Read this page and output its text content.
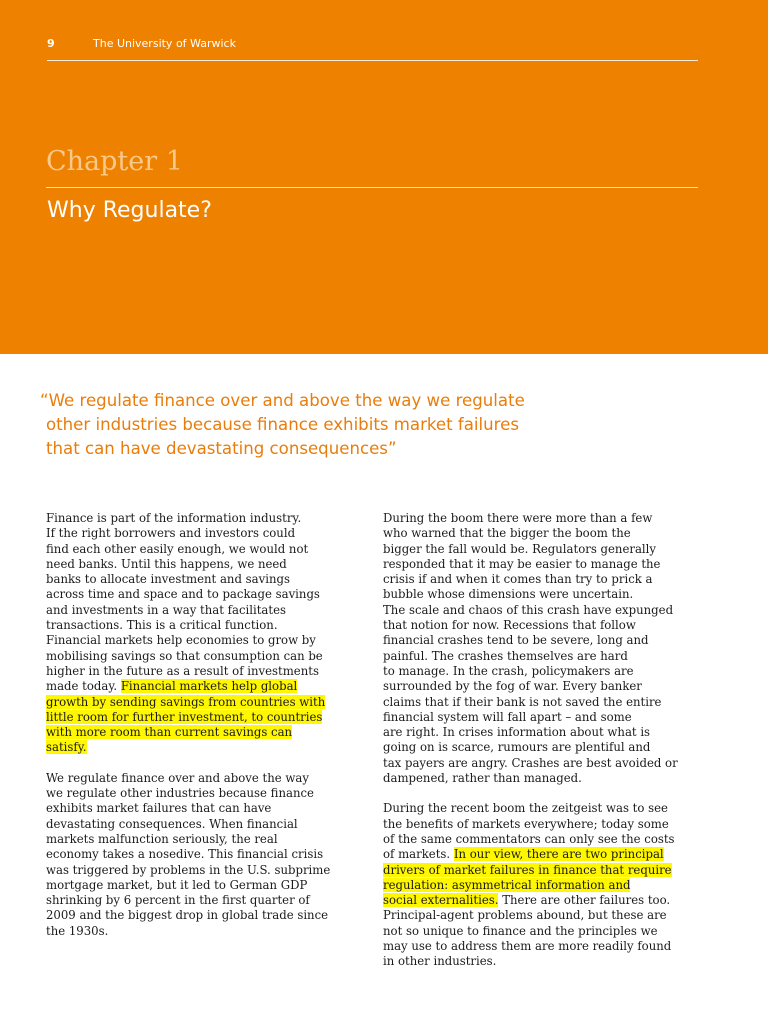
9	The University of Warwick
Chapter 1
Why Regulate?

“We regulate finance over and above the way we regulate
other industries because finance exhibits market failures
that can have devastating consequences”

Finance is part of the information industry.
If the right borrowers and investors could
find each other easily enough, we would not
need banks. Until this happens, we need
banks to allocate investment and savings
across time and space and to package savings
and investments in a way that facilitates
transactions. This is a critical function.
Financial markets help economies to grow by
mobilising savings so that consumption can be
higher in the future as a result of investments
made today. Financial markets help global
growth by sending savings from countries with
little room for further investment, to countries
with more room than current savings can
satisfy.

We regulate finance over and above the way
we regulate other industries because finance
exhibits market failures that can have
devastating consequences. When financial
markets malfunction seriously, the real
economy takes a nosedive. This financial crisis
was triggered by problems in the U.S. subprime
mortgage market, but it led to German GDP
shrinking by 6 percent in the first quarter of
2009 and the biggest drop in global trade since
the 1930s.

During the boom there were more than a few
who warned that the bigger the boom the
bigger the fall would be. Regulators generally
responded that it may be easier to manage the
crisis if and when it comes than try to prick a
bubble whose dimensions were uncertain.
The scale and chaos of this crash have expunged
that notion for now. Recessions that follow
financial crashes tend to be severe, long and
painful. The crashes themselves are hard
to manage. In the crash, policymakers are
surrounded by the fog of war. Every banker
claims that if their bank is not saved the entire
financial system will fall apart – and some
are right. In crises information about what is
going on is scarce, rumours are plentiful and
tax payers are angry. Crashes are best avoided or
dampened, rather than managed.

During the recent boom the zeitgeist was to see
the benefits of markets everywhere; today some
of the same commentators can only see the costs
of markets. In our view, there are two principal
drivers of market failures in finance that require
regulation: asymmetrical information and
social externalities. There are other failures too.
Principal-agent problems abound, but these are
not so unique to finance and the principles we
may use to address them are more readily found
in other industries.
